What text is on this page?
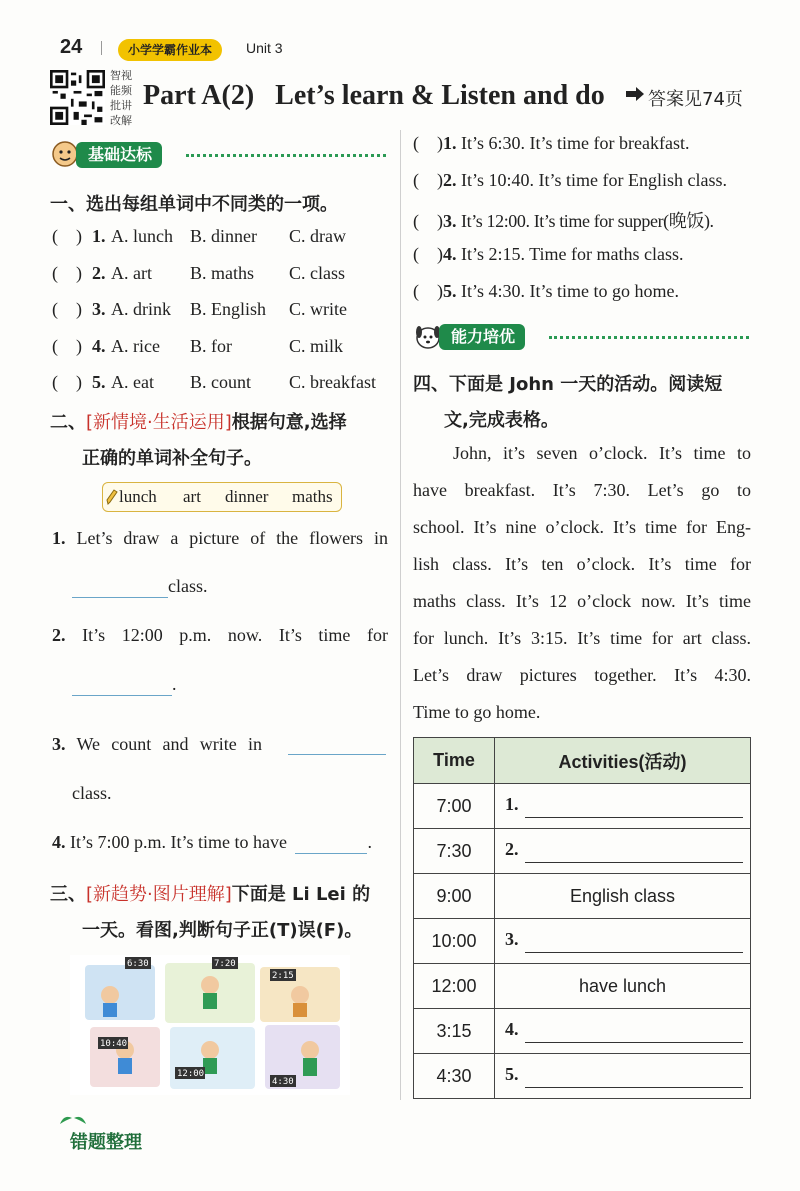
24	小学学霸作业本	Unit 3
智视
能频
批讲
改解
Part A(2)   Let’s learn & Listen and do 答案见74页
基础达标
一、选出每组单词中不同类的一项。
(    ) 1. A. lunch B. dinner C. draw
(    ) 2. A. art B. maths C. class
(    ) 3. A. drink B. English C. write
(    ) 4. A. rice B. for	C. milk
(    ) 5. A. eat B. count C. breakfast
二、[新情境·生活运用]根据句意,选择
正确的单词补全句子。
lunch art dinner maths
1. Let’s draw a picture of the flowers in
class.
2. It’s 12:00 p.m. now. It’s time for
.
3. We count and write in
class.
4. It’s 7:00 p.m. It’s time to have	.
三、[新趋势·图片理解]下面是 Li Lei 的
一天。看图,判断句子正(T)误(F)。
6:30	7:20
2:15
10:40
12:00
4:30
错题整理
(    )1. It’s 6:30. It’s time for breakfast.
(    )2. It’s 10:40. It’s time for English class.
(    )3. It’s 12:00. It’s time for supper(晚饭).
(    )4. It’s 2:15. Time for maths class.
(    )5. It’s 4:30. It’s time to go home.
能力培优
四、下面是 John 一天的活动。阅读短
文,完成表格。
John, it’s seven o’clock. It’s time to
have breakfast. It’s 7:30. Let’s go to
school. It’s nine o’clock. It’s time for Eng-
lish class. It’s ten o’clock. It’s time for
maths class. It’s 12 o’clock now. It’s time
for lunch. It’s 3:15. It’s time for art class.
Let’s draw pictures together. It’s 4:30.
Time to go home.
Time	Activities(活动)
7:00	1.
7:30	2.
9:00	English class
10:00	3.
12:00	have lunch
3:15	4.
4:30	5.
